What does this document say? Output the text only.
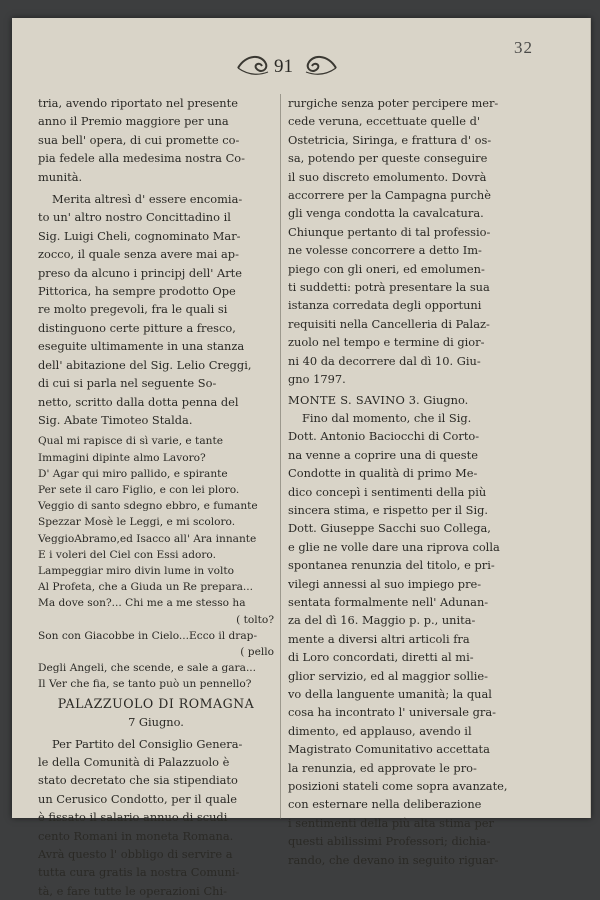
91
32

tria, avendo riportato nel presente
anno il Premio maggiore per una
sua bell' opera, di cui promette co-
pia fedele alla medesima nostra Co-
munità.

Merita altresì d' essere encomia-
to un' altro nostro Concittadino il
Sig. Luigi Cheli, cognominato Mar-
zocco, il quale senza avere mai ap-
preso da alcuno i principj dell' Arte
Pittorica, ha sempre prodotto Ope
re molto pregevoli, fra le quali si
distinguono certe pitture a fresco,
eseguite ultimamente in una stanza
dell' abitazione del Sig. Lelio Creggi,
di cui si parla nel seguente So-
netto, scritto dalla dotta penna del
Sig. Abate Timoteo Stalda.

Qual mi rapisce di sì varie, e tante
Immagini dipinte almo Lavoro?
D' Agar qui miro pallido, e spirante
Per sete il caro Figlio, e con lei ploro.
Veggio di santo sdegno ebbro, e fumante
Spezzar Mosè le Leggi, e mi scoloro.
VeggioAbramo,ed Isacco all' Ara innante
E i voleri del Ciel con Essi adoro.
Lampeggiar miro divin lume in volto
Al Profeta, che a Giuda un Re prepara...
Ma dove son?... Chi me a me stesso ha
( tolto?
Son con Giacobbe in Cielo...Ecco il drap-
( pello
Degli Angeli, che scende, e sale a gara...
Il Ver che fia, se tanto può un pennello?
PALAZZUOLO DI ROMAGNA
7 Giugno.

Per Partito del Consiglio Genera-
le della Comunità di Palazzuolo è
stato decretato che sia stipendiato
un Cerusico Condotto, per il quale
è fissato il salario annuo di scudi
cento Romani in moneta Romana.
Avrà questo l' obbligo di servire a
tutta cura gratis la nostra Comuni-
tà, e fare tutte le operazioni Chi-

rurgiche senza poter percipere mer-
cede veruna, eccettuate quelle d'
Ostetricia, Siringa, e frattura d' os-
sa, potendo per queste conseguire
il suo discreto emolumento. Dovrà
accorrere per la Campagna purchè
gli venga condotta la cavalcatura.
Chiunque pertanto di tal professio-
ne volesse concorrere a detto Im-
piego con gli oneri, ed emolumen-
ti suddetti: potrà presentare la sua
istanza corredata degli opportuni
requisiti nella Cancelleria di Palaz-
zuolo nel tempo e termine di gior-
ni 40 da decorrere dal dì 10. Giu-
gno 1797.

MONTE S. SAVINO 3. Giugno.

Fino dal momento, che il Sig.
Dott. Antonio Baciocchi di Corto-
na venne a coprire una di queste
Condotte in qualità di primo Me-
dico concepì i sentimenti della più
sincera stima, e rispetto per il Sig.
Dott. Giuseppe Sacchi suo Collega,
e glie ne volle dare una riprova colla
spontanea renunzia del titolo, e pri-
vilegi annessi al suo impiego pre-
sentata formalmente nell' Adunan-
za del dì 16. Maggio p. p., unita-
mente a diversi altri articoli fra
di Loro concordati, diretti al mi-
glior servizio, ed al maggior sollie-
vo della languente umanità; la qual
cosa ha incontrato l' universale gra-
dimento, ed applauso, avendo il
Magistrato Comunitativo accettata
la renunzia, ed approvate le pro-
posizioni stateli come sopra avanzate,
con esternare nella deliberazione
i sentimenti della più alta stima per
questi abilissimi Professori; dichia-
rando, che devano in seguito riguar-
